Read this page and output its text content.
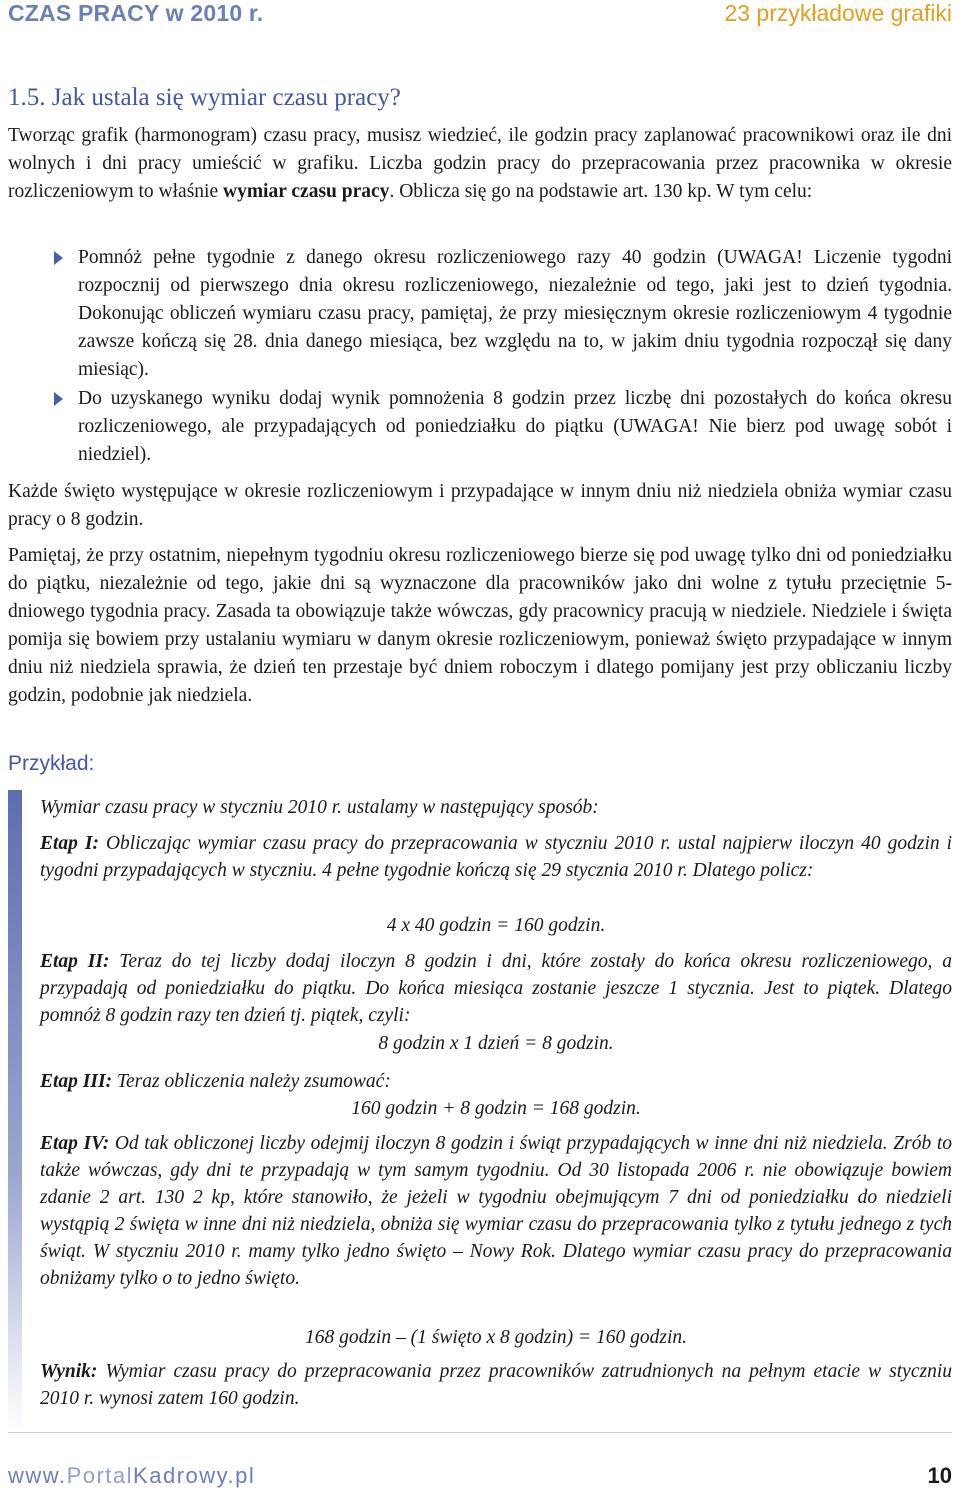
CZAS PRACY w 2010 r.	23 przykładowe grafiki
1.5. Jak ustala się wymiar czasu pracy?

Tworząc grafik (harmonogram) czasu pracy, musisz wiedzieć, ile godzin pracy zaplanować pracownikowi oraz ile dni wolnych i dni pracy umieścić w grafiku. Liczba godzin pracy do przepracowania przez pracownika w okresie rozliczeniowym to właśnie wymiar czasu pracy. Oblicza się go na podstawie art. 130 kp. W tym celu:

Pomnóż pełne tygodnie z danego okresu rozliczeniowego razy 40 godzin (UWAGA! Liczenie tygodni rozpocznij od pierwszego dnia okresu rozliczeniowego, niezależnie od tego, jaki jest to dzień tygodnia. Dokonując obliczeń wymiaru czasu pracy, pamiętaj, że przy miesięcznym okresie rozliczeniowym 4 tygodnie zawsze kończą się 28. dnia danego miesiąca, bez względu na to, w jakim dniu tygodnia rozpoczął się dany miesiąc).
Do uzyskanego wyniku dodaj wynik pomnożenia 8 godzin przez liczbę dni pozostałych do końca okresu rozliczeniowego, ale przypadających od poniedziałku do piątku (UWAGA! Nie bierz pod uwagę sobót i niedziel).

Każde święto występujące w okresie rozliczeniowym i przypadające w innym dniu niż niedziela obniża wymiar czasu pracy o 8 godzin.

Pamiętaj, że przy ostatnim, niepełnym tygodniu okresu rozliczeniowego bierze się pod uwagę tylko dni od poniedziałku do piątku, niezależnie od tego, jakie dni są wyznaczone dla pracowników jako dni wolne z tytułu przeciętnie 5-dniowego tygodnia pracy. Zasada ta obowiązuje także wówczas, gdy pracownicy pracują w niedziele. Niedziele i święta pomija się bowiem przy ustalaniu wymiaru w danym okresie rozliczeniowym, ponieważ święto przypadające w innym dniu niż niedziela sprawia, że dzień ten przestaje być dniem roboczym i dlatego pomijany jest przy obliczaniu liczby godzin, podobnie jak niedziela.

Przykład:

Wymiar czasu pracy w styczniu 2010 r. ustalamy w następujący sposób:

Etap I: Obliczając wymiar czasu pracy do przepracowania w styczniu 2010 r. ustal najpierw iloczyn 40 godzin i tygodni przypadających w styczniu. 4 pełne tygodnie kończą się 29 stycznia 2010 r. Dlatego policz:

4 x 40 godzin = 160 godzin.

Etap II: Teraz do tej liczby dodaj iloczyn 8 godzin i dni, które zostały do końca okresu rozliczeniowego, a przypadają od poniedziałku do piątku. Do końca miesiąca zostanie jeszcze 1 stycznia. Jest to piątek. Dlatego pomnóż 8 godzin razy ten dzień tj. piątek, czyli:

8 godzin x 1 dzień = 8 godzin.

Etap III: Teraz obliczenia należy zsumować:

160 godzin + 8 godzin = 168 godzin.

Etap IV: Od tak obliczonej liczby odejmij iloczyn 8 godzin i świąt przypadających w inne dni niż niedziela. Zrób to także wówczas, gdy dni te przypadają w tym samym tygodniu. Od 30 listopada 2006 r. nie obowiązuje bowiem zdanie 2 art. 130 2 kp, które stanowiło, że jeżeli w tygodniu obejmującym 7 dni od poniedziałku do niedzieli wystąpią 2 święta w inne dni niż niedziela, obniża się wymiar czasu do przepracowania tylko z tytułu jednego z tych świąt. W styczniu 2010 r. mamy tylko jedno święto – Nowy Rok. Dlatego wymiar czasu pracy do przepracowania obniżamy tylko o to jedno święto.

168 godzin – (1 święto x 8 godzin) = 160 godzin.

Wynik: Wymiar czasu pracy do przepracowania przez pracowników zatrudnionych na pełnym etacie w styczniu 2010 r. wynosi zatem 160 godzin.

www.PortalKadrowy.pl	10
